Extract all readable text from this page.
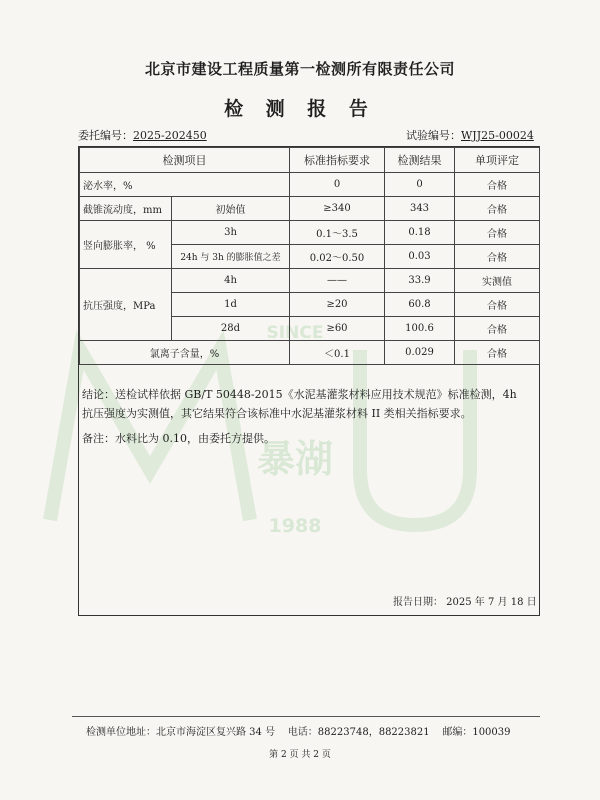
SINCE
暴湖
1988
北京市建设工程质量第一检测所有限责任公司
检 测 报 告
委托编号：2025-202450	试验编号：WJJ25-00024
检测项目		标准指标要求	检测结果	单项评定
泌水率，%		0	0	合格
截锥流动度，mm	初始值	≥340	343	合格
竖向膨胀率， %	3h	0.1～3.5	0.18	合格
	24h 与 3h 的膨胀值之差	0.02～0.50	0.03	合格
抗压强度，MPa	4h	——	33.9	实测值
	1d	≥20	60.8	合格
	28d	≥60	100.6	合格
氯离子含量，%		＜0.1	0.029	合格
结论：送检试样依据 GB/T 50448-2015《水泥基灌浆材料应用技术规范》标准检测，4h
抗压强度为实测值，其它结果符合该标准中水泥基灌浆材料 II 类相关指标要求。
备注：水料比为 0.10，由委托方提供。
报告日期： 2025 年 7 月 18 日
检测单位地址：北京市海淀区复兴路 34 号 电话：88223748，88223821 邮编：100039
第 2 页 共 2 页
